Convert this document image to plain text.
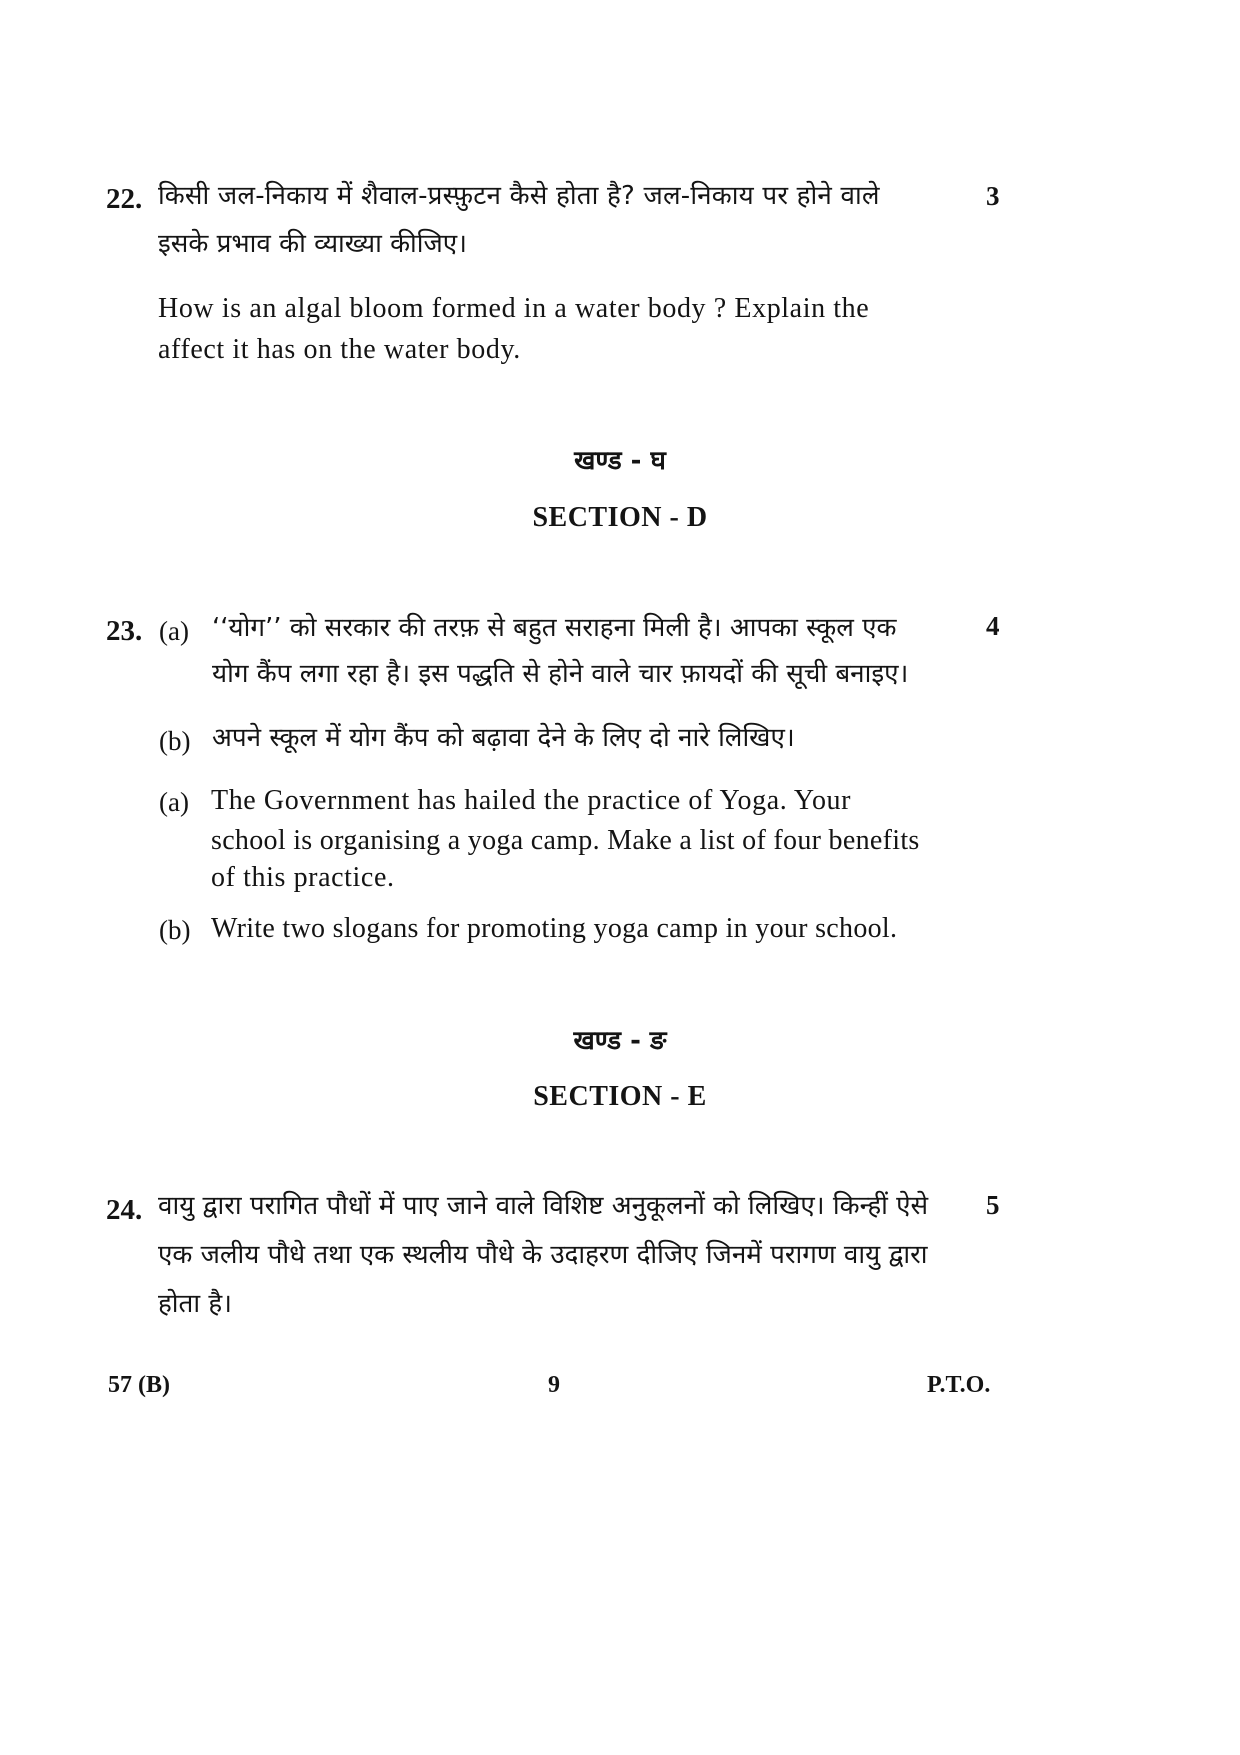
22.	3
किसी जल-निकाय में शैवाल-प्रस्फ़ुटन कैसे होता है? जल-निकाय पर होने वाले
इसके प्रभाव की व्याख्या कीजिए।
How is an algal bloom formed in a water body ? Explain the
affect it has on the water body.
खण्ड - घ
SECTION - D
23.	4
(a) ‘‘योग’’ को सरकार की तरफ़ से बहुत सराहना मिली है। आपका स्कूल एक
योग कैंप लगा रहा है। इस पद्धति से होने वाले चार फ़ायदों की सूची बनाइए।
(b) अपने स्कूल में योग कैंप को बढ़ावा देने के लिए दो नारे लिखिए।
(a) The Government has hailed the practice of Yoga. Your
school is organising a yoga camp. Make a list of four benefits
of this practice.
(b) Write two slogans for promoting yoga camp in your school.
खण्ड - ङ
SECTION - E
24.	5
वायु द्वारा परागित पौधों में पाए जाने वाले विशिष्ट अनुकूलनों को लिखिए। किन्हीं ऐसे
एक जलीय पौधे तथा एक स्थलीय पौधे के उदाहरण दीजिए जिनमें परागण वायु द्वारा
होता है।
57 (B)	9	P.T.O.
